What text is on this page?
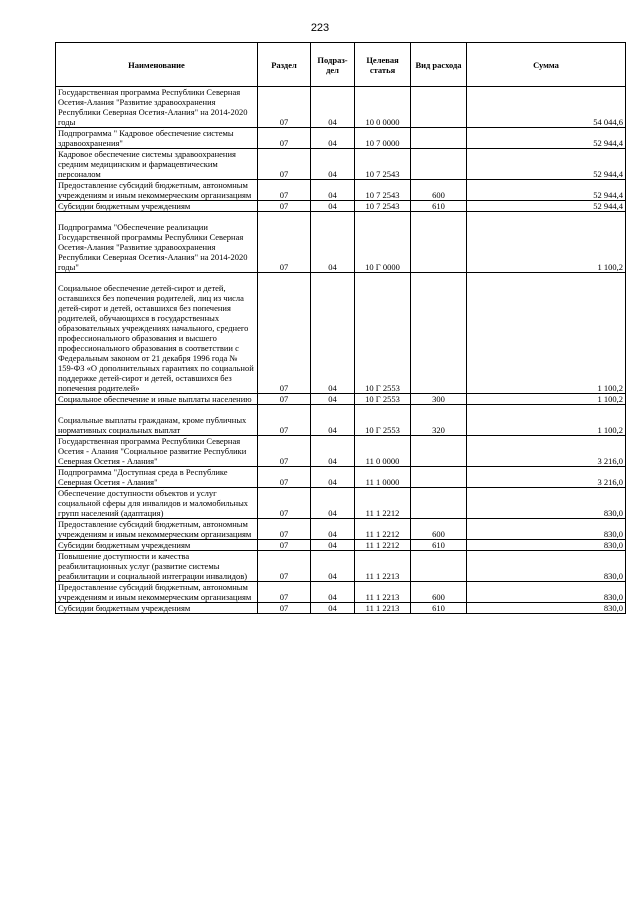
223
Наименование	Раздел	Подраз-дел	Целевая статья	Вид расхода	Сумма
Государственная программа Республики Северная Осетия-Алания "Развитие здравоохранения Республики Северная Осетия-Алания" на 2014-2020 годы	07	04	10 0 0000		54 044,6
Подпрограмма " Кадровое обеспечение системы здравоохранения"	07	04	10 7 0000		52 944,4
Кадровое обеспечение системы здравоохранения средним медицинским и фармацевтическим персоналом	07	04	10 7 2543		52 944,4
Предоставление субсидий бюджетным, автономным учреждениям и иным некоммерческим организациям	07	04	10 7 2543	600	52 944,4
Субсидии бюджетным учреждениям	07	04	10 7 2543	610	52 944,4

Подпрограмма "Обеспечение реализации Государственной программы Республики Северная Осетия-Алания "Развитие здравоохранения Республики Северная Осетия-Алания" на 2014-2020 годы"	07	04	10 Г 0000		1 100,2

Социальное обеспечение детей-сирот и детей, оставшихся без попечения родителей, лиц из числа детей-сирот и детей, оставшихся без попечения родителей, обучающихся в государственных образовательных учреждениях начального, среднего профессионального образования и высшего профессионального образования в соответствии с Федеральным законом от 21 декабря 1996 года № 159-ФЗ «О дополнительных гарантиях по социальной поддержке детей-сирот и детей, оставшихся без попечения родителей»	07	04	10 Г 2553		1 100,2
Социальное обеспечение и иные выплаты населению	07	04	10 Г 2553	300	1 100,2

Социальные выплаты гражданам, кроме публичных нормативных социальных выплат	07	04	10 Г 2553	320	1 100,2
Государственная программа Республики Северная Осетия - Алания "Социальное развитие Республики Северная Осетия - Алания"	07	04	11 0 0000		3 216,0
Подпрограмма "Доступная среда в Республике Северная Осетия - Алания"	07	04	11 1 0000		3 216,0
Обеспечение доступности объектов и услуг социальной сферы для инвалидов и маломобильных групп населений (адаптация)	07	04	11 1 2212		830,0
Предоставление субсидий бюджетным, автономным учреждениям и иным некоммерческим организациям	07	04	11 1 2212	600	830,0
Субсидии бюджетным учреждениям	07	04	11 1 2212	610	830,0
Повышение доступности и качества реабилитационных услуг (развитие системы реабилитации и социальной интеграции инвалидов)	07	04	11 1 2213		830,0
Предоставление субсидий бюджетным, автономным учреждениям и иным некоммерческим организациям	07	04	11 1 2213	600	830,0
Субсидии бюджетным учреждениям	07	04	11 1 2213	610	830,0
